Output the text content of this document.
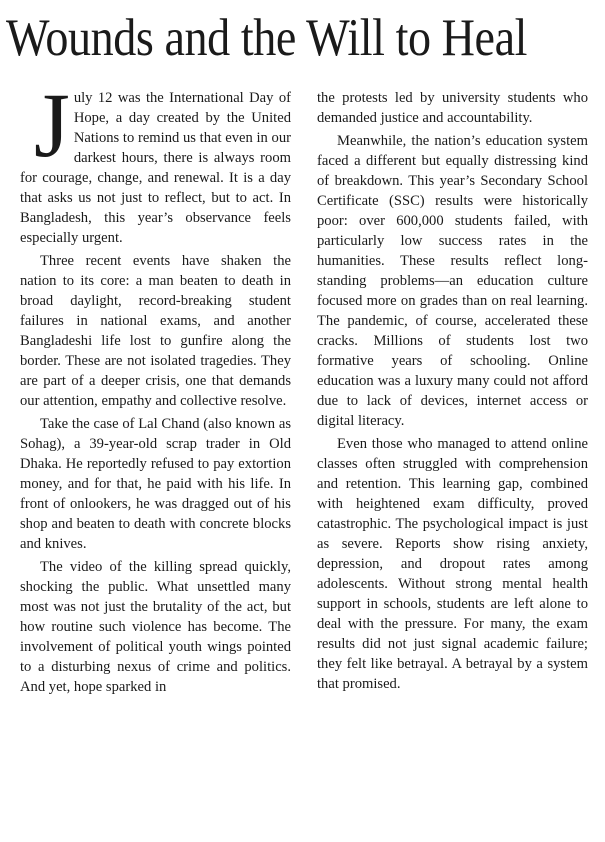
Wounds and the Will to Heal

July 12 was the International Day of Hope, a day created by the United Nations to remind us that even in our darkest hours, there is always room for courage, change, and renewal. It is a day that asks us not just to reflect, but to act. In Bangladesh, this year’s observance feels especially urgent.

Three recent events have shaken the nation to its core: a man beaten to death in broad daylight, record-breaking student failures in national exams, and another Bangladeshi life lost to gunfire along the border. These are not isolated tragedies. They are part of a deeper crisis, one that demands our attention, empathy and collective resolve.

Take the case of Lal Chand (also known as Sohag), a 39-year-old scrap trader in Old Dhaka. He reportedly refused to pay extortion money, and for that, he paid with his life. In front of onlookers, he was dragged out of his shop and beaten to death with concrete blocks and knives.

The video of the killing spread quickly, shocking the public. What unsettled many most was not just the brutality of the act, but how routine such violence has become. The involvement of political youth wings pointed to a disturbing nexus of crime and politics. And yet, hope sparked in

the protests led by university students who demanded justice and accountability.

Meanwhile, the nation’s education system faced a different but equally distressing kind of breakdown. This year’s Secondary School Certificate (SSC) results were historically poor: over 600,000 students failed, with particularly low success rates in the humanities. These results reflect long-standing problems—an education culture focused more on grades than on real learning. The pandemic, of course, accelerated these cracks. Millions of students lost two formative years of schooling. Online education was a luxury many could not afford due to lack of devices, internet access or digital literacy.

Even those who managed to attend online classes often struggled with comprehension and retention. This learning gap, combined with heightened exam difficulty, proved catastrophic. The psychological impact is just as severe. Reports show rising anxiety, depression, and dropout rates among adolescents. Without strong mental health support in schools, students are left alone to deal with the pressure. For many, the exam results did not just signal academic failure; they felt like betrayal. A betrayal by a system that promised.
